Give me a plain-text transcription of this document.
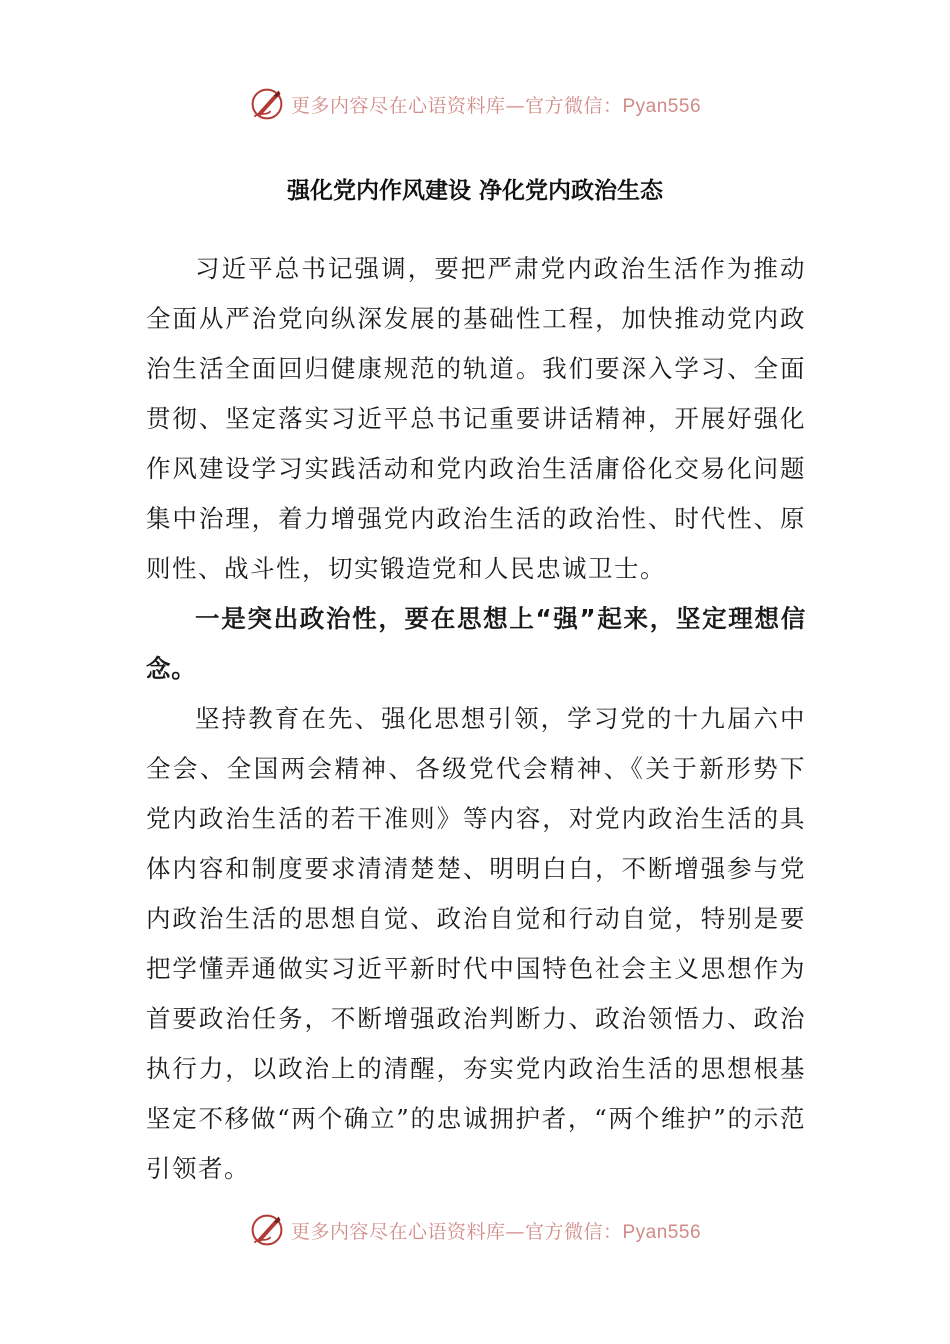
更多内容尽在心语资料库—官方微信：Pyan556
强化党内作风建设 净化党内政治生态

习近平总书记强调，要把严肃党内政治生活作为推动全面从严治党向纵深发展的基础性工程，加快推动党内政治生活全面回归健康规范的轨道。我们要深入学习、全面贯彻、坚定落实习近平总书记重要讲话精神，开展好强化作风建设学习实践活动和党内政治生活庸俗化交易化问题集中治理，着力增强党内政治生活的政治性、时代性、原则性、战斗性，切实锻造党和人民忠诚卫士。

一是突出政治性，要在思想上“强”起来，坚定理想信念。

坚持教育在先、强化思想引领，学习党的十九届六中全会、全国两会精神、各级党代会精神、《关于新形势下党内政治生活的若干准则》等内容，对党内政治生活的具体内容和制度要求清清楚楚、明明白白，不断增强参与党内政治生活的思想自觉、政治自觉和行动自觉，特别是要把学懂弄通做实习近平新时代中国特色社会主义思想作为首要政治任务，不断增强政治判断力、政治领悟力、政治执行力，以政治上的清醒，夯实党内政治生活的思想根基坚定不移做“两个确立”的忠诚拥护者，“两个维护”的示范引领者。

更多内容尽在心语资料库—官方微信：Pyan556
